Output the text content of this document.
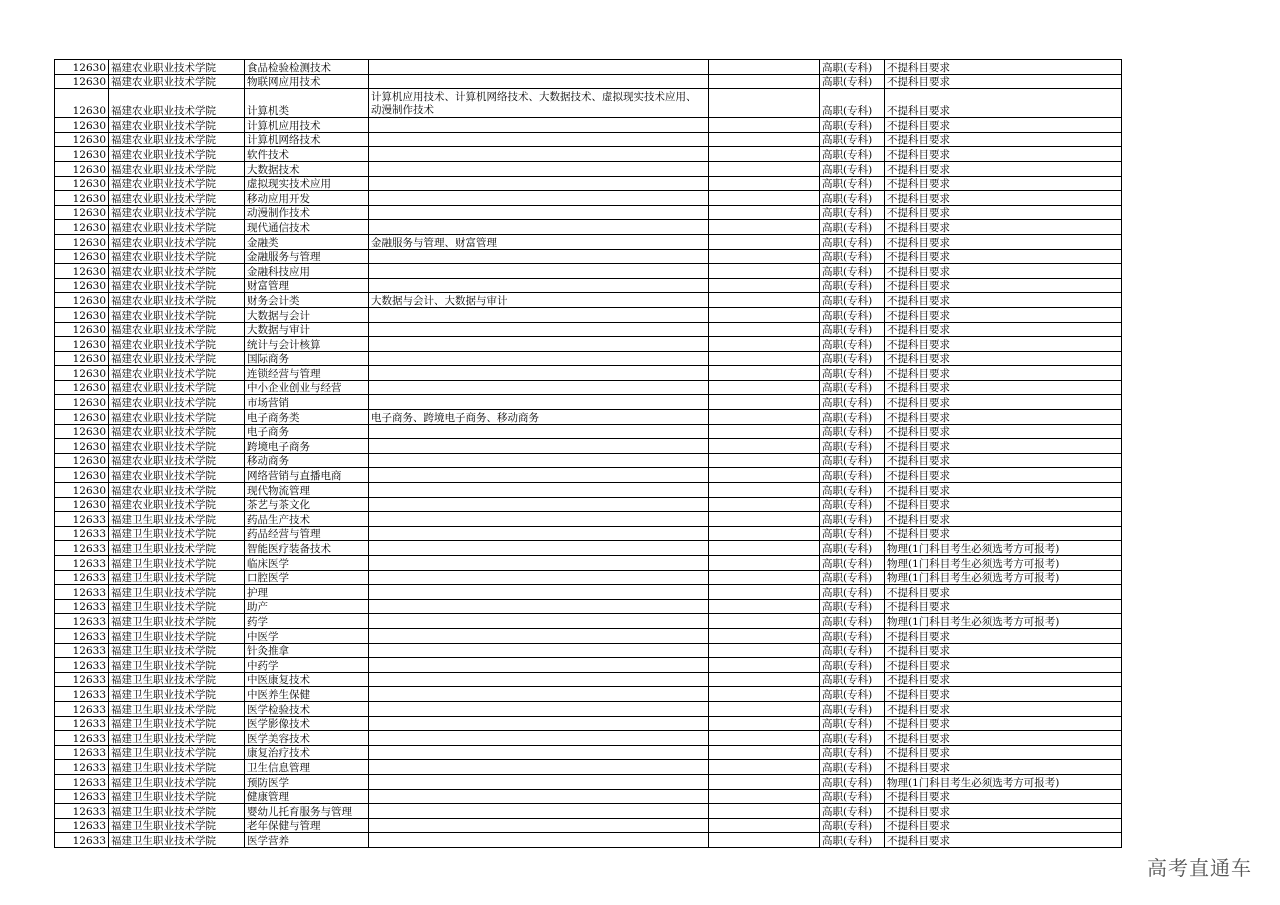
12630	福建农业职业技术学院	食品检验检测技术			高职(专科)	不提科目要求
12630	福建农业职业技术学院	物联网应用技术			高职(专科)	不提科目要求
12630	福建农业职业技术学院	计算机类	计算机应用技术、计算机网络技术、大数据技术、虚拟现实技术应用、动漫制作技术		高职(专科)	不提科目要求
12630	福建农业职业技术学院	计算机应用技术			高职(专科)	不提科目要求
12630	福建农业职业技术学院	计算机网络技术			高职(专科)	不提科目要求
12630	福建农业职业技术学院	软件技术			高职(专科)	不提科目要求
12630	福建农业职业技术学院	大数据技术			高职(专科)	不提科目要求
12630	福建农业职业技术学院	虚拟现实技术应用			高职(专科)	不提科目要求
12630	福建农业职业技术学院	移动应用开发			高职(专科)	不提科目要求
12630	福建农业职业技术学院	动漫制作技术			高职(专科)	不提科目要求
12630	福建农业职业技术学院	现代通信技术			高职(专科)	不提科目要求
12630	福建农业职业技术学院	金融类	金融服务与管理、财富管理		高职(专科)	不提科目要求
12630	福建农业职业技术学院	金融服务与管理			高职(专科)	不提科目要求
12630	福建农业职业技术学院	金融科技应用			高职(专科)	不提科目要求
12630	福建农业职业技术学院	财富管理			高职(专科)	不提科目要求
12630	福建农业职业技术学院	财务会计类	大数据与会计、大数据与审计		高职(专科)	不提科目要求
12630	福建农业职业技术学院	大数据与会计			高职(专科)	不提科目要求
12630	福建农业职业技术学院	大数据与审计			高职(专科)	不提科目要求
12630	福建农业职业技术学院	统计与会计核算			高职(专科)	不提科目要求
12630	福建农业职业技术学院	国际商务			高职(专科)	不提科目要求
12630	福建农业职业技术学院	连锁经营与管理			高职(专科)	不提科目要求
12630	福建农业职业技术学院	中小企业创业与经营			高职(专科)	不提科目要求
12630	福建农业职业技术学院	市场营销			高职(专科)	不提科目要求
12630	福建农业职业技术学院	电子商务类	电子商务、跨境电子商务、移动商务		高职(专科)	不提科目要求
12630	福建农业职业技术学院	电子商务			高职(专科)	不提科目要求
12630	福建农业职业技术学院	跨境电子商务			高职(专科)	不提科目要求
12630	福建农业职业技术学院	移动商务			高职(专科)	不提科目要求
12630	福建农业职业技术学院	网络营销与直播电商			高职(专科)	不提科目要求
12630	福建农业职业技术学院	现代物流管理			高职(专科)	不提科目要求
12630	福建农业职业技术学院	茶艺与茶文化			高职(专科)	不提科目要求
12633	福建卫生职业技术学院	药品生产技术			高职(专科)	不提科目要求
12633	福建卫生职业技术学院	药品经营与管理			高职(专科)	不提科目要求
12633	福建卫生职业技术学院	智能医疗装备技术			高职(专科)	物理(1门科目考生必须选考方可报考)
12633	福建卫生职业技术学院	临床医学			高职(专科)	物理(1门科目考生必须选考方可报考)
12633	福建卫生职业技术学院	口腔医学			高职(专科)	物理(1门科目考生必须选考方可报考)
12633	福建卫生职业技术学院	护理			高职(专科)	不提科目要求
12633	福建卫生职业技术学院	助产			高职(专科)	不提科目要求
12633	福建卫生职业技术学院	药学			高职(专科)	物理(1门科目考生必须选考方可报考)
12633	福建卫生职业技术学院	中医学			高职(专科)	不提科目要求
12633	福建卫生职业技术学院	针灸推拿			高职(专科)	不提科目要求
12633	福建卫生职业技术学院	中药学			高职(专科)	不提科目要求
12633	福建卫生职业技术学院	中医康复技术			高职(专科)	不提科目要求
12633	福建卫生职业技术学院	中医养生保健			高职(专科)	不提科目要求
12633	福建卫生职业技术学院	医学检验技术			高职(专科)	不提科目要求
12633	福建卫生职业技术学院	医学影像技术			高职(专科)	不提科目要求
12633	福建卫生职业技术学院	医学美容技术			高职(专科)	不提科目要求
12633	福建卫生职业技术学院	康复治疗技术			高职(专科)	不提科目要求
12633	福建卫生职业技术学院	卫生信息管理			高职(专科)	不提科目要求
12633	福建卫生职业技术学院	预防医学			高职(专科)	物理(1门科目考生必须选考方可报考)
12633	福建卫生职业技术学院	健康管理			高职(专科)	不提科目要求
12633	福建卫生职业技术学院	婴幼儿托育服务与管理			高职(专科)	不提科目要求
12633	福建卫生职业技术学院	老年保健与管理			高职(专科)	不提科目要求
12633	福建卫生职业技术学院	医学营养			高职(专科)	不提科目要求
高考直通车
